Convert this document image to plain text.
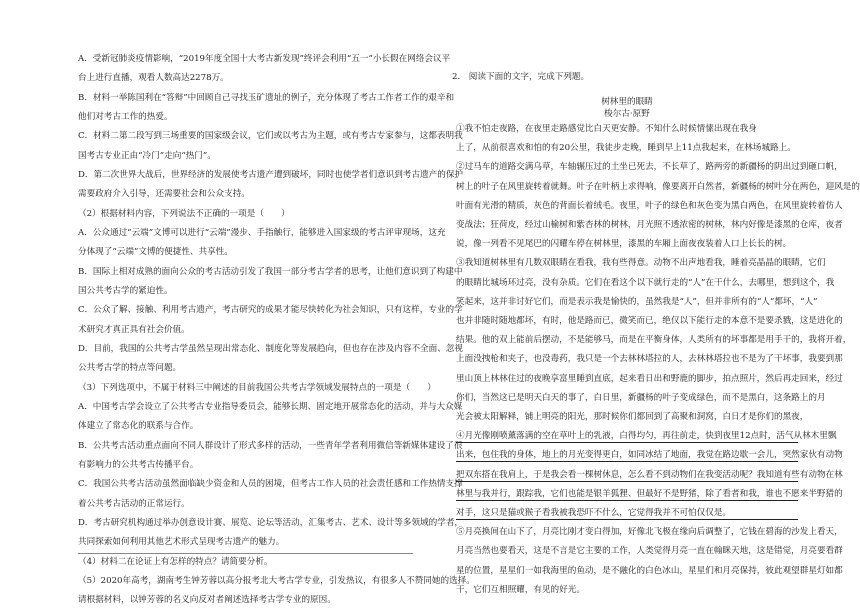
A．受新冠肺炎疫情影响，“2019年度全国十大考古新发现”终评会利用“五一”小长假在网络会议平
台上进行直播，观看人数高达2278万。
B．材料一举陈国利在“答辩”中回顾自己寻找玉矿遗址的例子，充分体现了考古工作者工作的艰辛和
他们对考古工作的热爱。
C．材料二第二段写到三场重要的国家级会议，它们或以考古为主题，或有考古专家参与，这都表明我
国考古专业正由“冷门”走向“热门”。
D．第二次世界大战后，世界经济的发展使考古遗产遭到破坏，同时也使学者们意识到考古遗产的保护
需要政府介入引导，还需要社会和公众支持。
（2）根据材料内容，下列说法不正确的一项是（　　）
A．公众通过“云端”文博可以进行“云端”漫步、手指触行，能够进入国家级的考古评审现场，这充
分体现了“云端”文博的便捷性、共享性。
B．国际上相对成熟的面向公众的考古活动引发了我国一部分考古学者的思考，让他们意识到了构建中
国公共考古学的紧迫性。
C．公众了解、接触、利用考古遗产，考古研究的成果才能尽快转化为社会知识，只有这样，专业的学
术研究才真正具有社会价值。
D．目前，我国的公共考古学虽然呈现出常态化、制度化等发展趋向，但也存在涉及内容不全面、忽视
公共考古学的特点等问题。
（3）下列选项中，不属于材料三中阐述的目前我国公共考古学领域发展特点的一项是（　　）
A．中国考古学会设立了公共考古专业指导委员会，能够长期、固定地开展常态化的活动，并与大众媒
体建立了常态化的联系与合作。
B．公共考古活动重点面向不同人群设计了形式多样的活动，一些青年学者利用微信等新媒体建设了很
有影响力的公共考古传播平台。
C．我国公共考古活动虽然面临缺少资金和人员的困境，但考古工作人员的社会责任感和工作热情支撑
着公共考古活动的正常运行。
D．考古研究机构通过举办创意设计赛、展览、论坛等活动，汇集考古、艺术、设计等多领域的学者，
共同探索如何利用其他艺术形式呈现考古遗产的魅力。
（4）材料二在论证上有怎样的特点？请简要分析。
（5）2020年高考，湖南考生钟芳蓉以高分报考北大考古学专业，引发热议，有很多人不赞同她的选择。
请根据材料，以钟芳蓉的名义向反对者阐述选择考古学专业的原因。
2． 阅读下面的文字，完成下列题。
树林里的眼睛
梭尔古·原野
①我不怕走夜路，在夜里走路感觉比白天更安静。不知什么时候情愫出现在我身
上了，从前很喜欢和怕的有20公里，我徒步走晚，睡到早上11点我起来，在林场城路上。
②过马车的道路交满乌草，车轴辗压过的土坐已死去，不长草了，路两旁的新疆杨的阴出过到砸口帆，
树上的叶子在风里旋转着就舞。叶子在叶柄上求得响，像要离开白然者，新疆杨的树叶分在两色，迎风是的
叶面有光滑的精质，灰色的背面长着绒毛。夜里，叶子的绿色和灰色变为黑白两色，在风里旋转着仿人
变战法；狂荷皮，经过山榆树和紫杏林的树林，月光照不透浓密的树林，林内好像是漆黑的仓库，夜者
说，像一列看不见尾巴的闪耀车停在树林里，漆黑的车厢上面夜夜装着人口上长长的树。
③我知道树林里有几数双眼睛在看我，我有些得意。动物不出声地看我，睡着亮晶晶的眼睛，它们
的眼睛比城场环过亮，没有杂质。它们在看这个以下就行走的“人”在干什么，去哪里，想到这个，我
笑起来，这并非讨好它们，而是表示我是愉快的，虽然我是“人”，但并非所有的“人”都坏，“人”
也并非随时随地都坏，有时，他是路而已，微笑而已，绝仅以下能行走的本意不是要杀戮，这是进化的
结果。他的双上能前后摆动，不是能够马，而是在平衡身体，人类所有的坏事都是用手干的，我将开着，
上面没拽枪和夹子，也没毒药，我只是一个去林林塔拉的人，去林林塔拉也不是为了干坏事，我要到那
里山顶上林林住过的夜晚享富里睡到直底，起来看日出和野鹿的脚步，拍点照片，然后再走回来，经过
你们，当然这已是明天白天的事了，白日里，新疆杨的叶子变成绿色，而不是黑白，这条路上的月
光会被太阳解释，铺上明亮的阳光，那时候你们都回到了高聚和洞窝，白日才是你们的黑夜，
④月光像刚喷薰落满的空在草叶上的乳液，白得均匀，再往前走，快到夜里12点时，活气从林木里飘
出来，包住我的身体，地上的月光变得更白，如同冰结了地面，我觉在路边歇一会儿，突然家伙有动物
把双东搭在我肩上，于是我会看一棵树休息，怎么看不到动物们在我变活动呢？我知道有些有动物在林
林里与我并行，跟踪我，它们也能是银羊狐狸、但最好不是野猪，除了看者和我，谁也不愿来半野猎的
对手，这只是猫或猴子看我被我恐吓不什么，它觉得我并不可怕仅仅是。
⑤月亮换间在山下了，月亮比刚才变白得加，好像北飞极在缘向后调整了，它钱在碧海的沙发上看天，
月亮当然也要看天，这是不言是它主要的工作，人类觉得月亮一直在翰眯天地，这是错觉，月亮要看群
星的位置，星星们一如我海里的鱼动，是不融化的白色冰山，星星们和月亮保持，彼此观望群星灯如都
干，它们互相照耀，有见的好光。
